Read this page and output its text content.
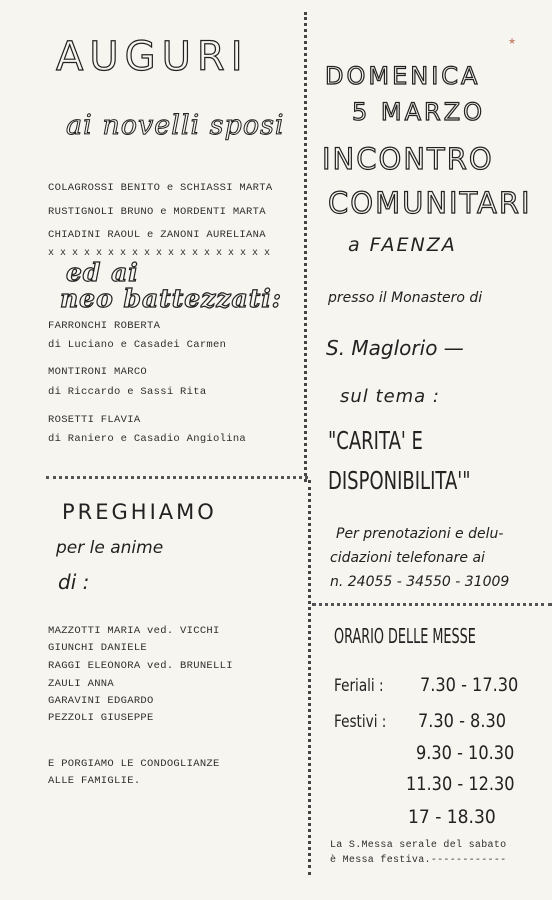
★
AUGURI
ai novelli sposi
COLAGROSSI BENITO e SCHIASSI MARTA
RUSTIGNOLI BRUNO e MORDENTI MARTA
CHIADINI RAOUL e ZANONI AURELIANA
x x x x x x x x x x x x x x x x x x x
ed ai
neo battezzati:
FARRONCHI ROBERTA
di Luciano e Casadei Carmen
MONTIRONI MARCO
di Riccardo e Sassi Rita
ROSETTI FLAVIA
di Raniero e Casadio Angiolina
PREGHIAMO
per le anime
di :
MAZZOTTI MARIA ved. VICCHI
GIUNCHI DANIELE
RAGGI ELEONORA ved. BRUNELLI
ZAULI ANNA
GARAVINI EDGARDO
PEZZOLI GIUSEPPE
E PORGIAMO LE CONDOGLIANZE
ALLE FAMIGLIE.
DOMENICA
5 MARZO
INCONTRO
COMUNITARI
a FAENZA
presso il Monastero di
S. Maglorio —
sul tema :
"CARITA' E
DISPONIBILITA'"
Per prenotazioni e delu-
cidazioni telefonare ai
n. 24055 - 34550 - 31009
ORARIO DELLE MESSE
Feriali : 7.30 - 17.30
Festivi : 7.30 - 8.30
9.30 - 10.30
11.30 - 12.30
17 - 18.30
La S.Messa serale del sabato
è Messa festiva.------------
